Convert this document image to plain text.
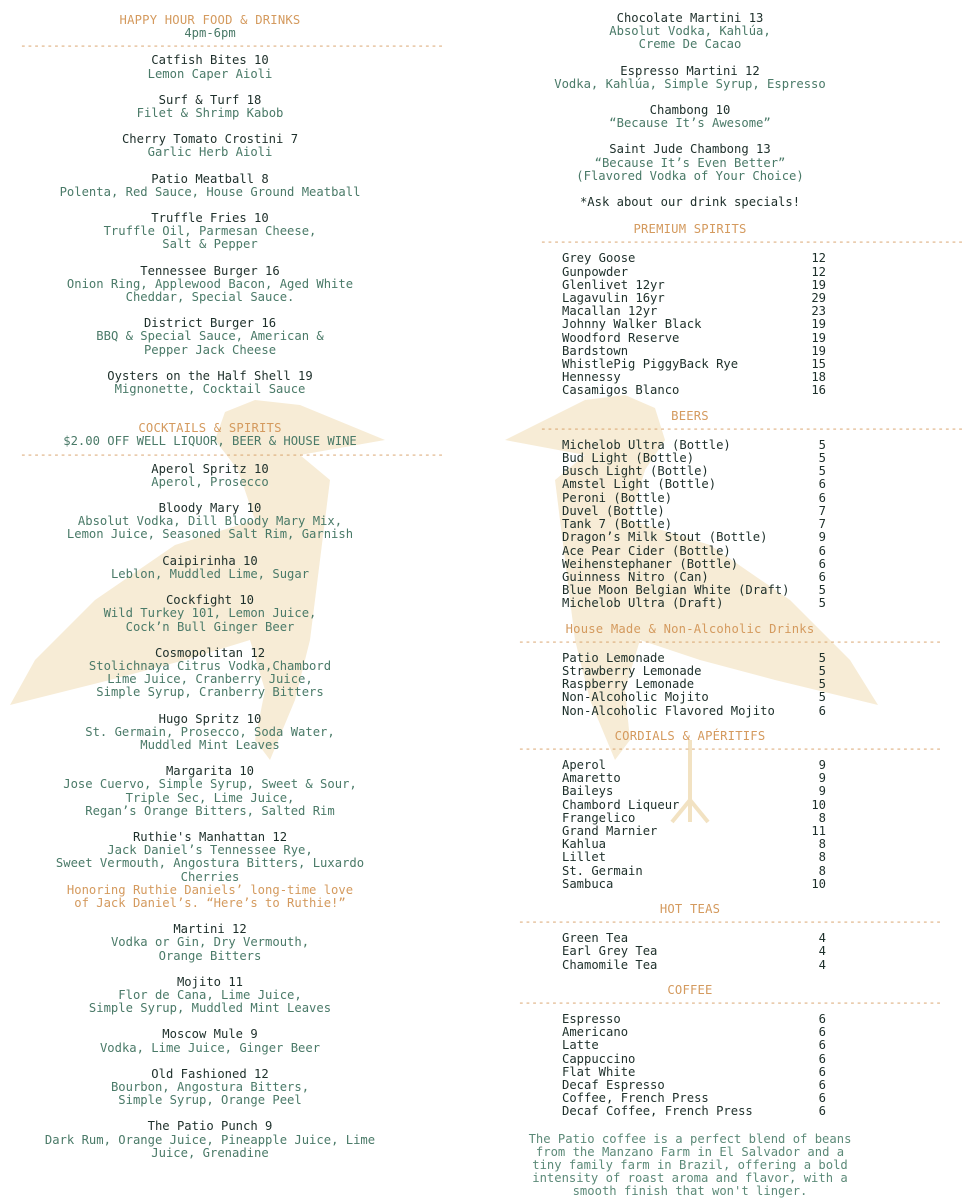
HAPPY HOUR FOOD & DRINKS
4pm-6pm
----------------------------------------------------------------
Catfish Bites 10
Lemon Caper Aioli
Surf & Turf 18
Filet & Shrimp Kabob
Cherry Tomato Crostini 7
Garlic Herb Aioli
Patio Meatball 8
Polenta, Red Sauce, House Ground Meatball
Truffle Fries 10
Truffle Oil, Parmesan Cheese,
Salt & Pepper
Tennessee Burger 16
Onion Ring, Applewood Bacon, Aged White
Cheddar, Special Sauce.
District Burger 16
BBQ & Special Sauce, American &
Pepper Jack Cheese
Oysters on the Half Shell 19
Mignonette, Cocktail Sauce
COCKTAILS & SPIRITS
$2.00 OFF WELL LIQUOR, BEER & HOUSE WINE
----------------------------------------------------------------
Aperol Spritz 10
Aperol, Prosecco
Bloody Mary 10
Absolut Vodka, Dill Bloody Mary Mix,
Lemon Juice, Seasoned Salt Rim, Garnish
Caipirinha 10
Leblon, Muddled Lime, Sugar
Cockfight 10
Wild Turkey 101, Lemon Juice,
Cock’n Bull Ginger Beer
Cosmopolitan 12
Stolichnaya Citrus Vodka,Chambord
Lime Juice, Cranberry Juice,
Simple Syrup, Cranberry Bitters
Hugo Spritz 10
St. Germain, Prosecco, Soda Water,
Muddled Mint Leaves
Margarita 10
Jose Cuervo, Simple Syrup, Sweet & Sour,
Triple Sec, Lime Juice,
Regan’s Orange Bitters, Salted Rim
Ruthie's Manhattan 12
Jack Daniel’s Tennessee Rye,
Sweet Vermouth, Angostura Bitters, Luxardo
Cherries
Honoring Ruthie Daniels’ long-time love
of Jack Daniel’s. “Here’s to Ruthie!”
Martini 12
Vodka or Gin, Dry Vermouth,
Orange Bitters
Mojito 11
Flor de Cana, Lime Juice,
Simple Syrup, Muddled Mint Leaves
Moscow Mule 9
Vodka, Lime Juice, Ginger Beer
Old Fashioned 12
Bourbon, Angostura Bitters,
Simple Syrup, Orange Peel
The Patio Punch 9
Dark Rum, Orange Juice, Pineapple Juice, Lime
Juice, Grenadine
Chocolate Martini 13
Absolut Vodka, Kahlúa,
Creme De Cacao
Espresso Martini 12
Vodka, Kahlúa, Simple Syrup, Espresso
Chambong 10
“Because It’s Awesome”
Saint Jude Chambong 13
“Because It’s Even Better”
(Flavored Vodka of Your Choice)
*Ask about our drink specials!
PREMIUM SPIRITS
----------------------------------------------------------------
Grey Goose	12
Gunpowder	12
Glenlivet 12yr	19
Lagavulin 16yr	29
Macallan 12yr	23
Johnny Walker Black	19
Woodford Reserve	19
Bardstown	19
WhistlePig PiggyBack Rye	15
Hennessy	18
Casamigos Blanco	16
BEERS
----------------------------------------------------------------
Michelob Ultra (Bottle)	5
Bud Light (Bottle)	5
Busch Light (Bottle)	5
Amstel Light (Bottle)	6
Peroni (Bottle)	6
Duvel (Bottle)	7
Tank 7 (Bottle)	7
Dragon’s Milk Stout (Bottle)	9
Ace Pear Cider (Bottle)	6
Weihenstephaner (Bottle)	6
Guinness Nitro (Can)	6
Blue Moon Belgian White (Draft) 5
Michelob Ultra (Draft)	5
House Made & Non-Alcoholic Drinks
----------------------------------------------------------------
Patio Lemonade	5
Strawberry Lemonade	5
Raspberry Lemonade	5
Non-Alcoholic Mojito	5
Non-Alcoholic Flavored Mojito	6
CORDIALS & APÉRITIFS
----------------------------------------------------------------
Aperol	9
Amaretto	9
Baileys	9
Chambord Liqueur	10
Frangelico	8
Grand Marnier	11
Kahlua	8
Lillet	8
St. Germain	8
Sambuca	10
HOT TEAS
----------------------------------------------------------------
Green Tea	4
Earl Grey Tea	4
Chamomile Tea	4
COFFEE
----------------------------------------------------------------
Espresso	6
Americano	6
Latte	6
Cappuccino	6
Flat White	6
Decaf Espresso	6
Coffee, French Press	6
Decaf Coffee, French Press	6
The Patio coffee is a perfect blend of beans
from the Manzano Farm in El Salvador and a
tiny family farm in Brazil, offering a bold
intensity of roast aroma and flavor, with a
smooth finish that won't linger.
